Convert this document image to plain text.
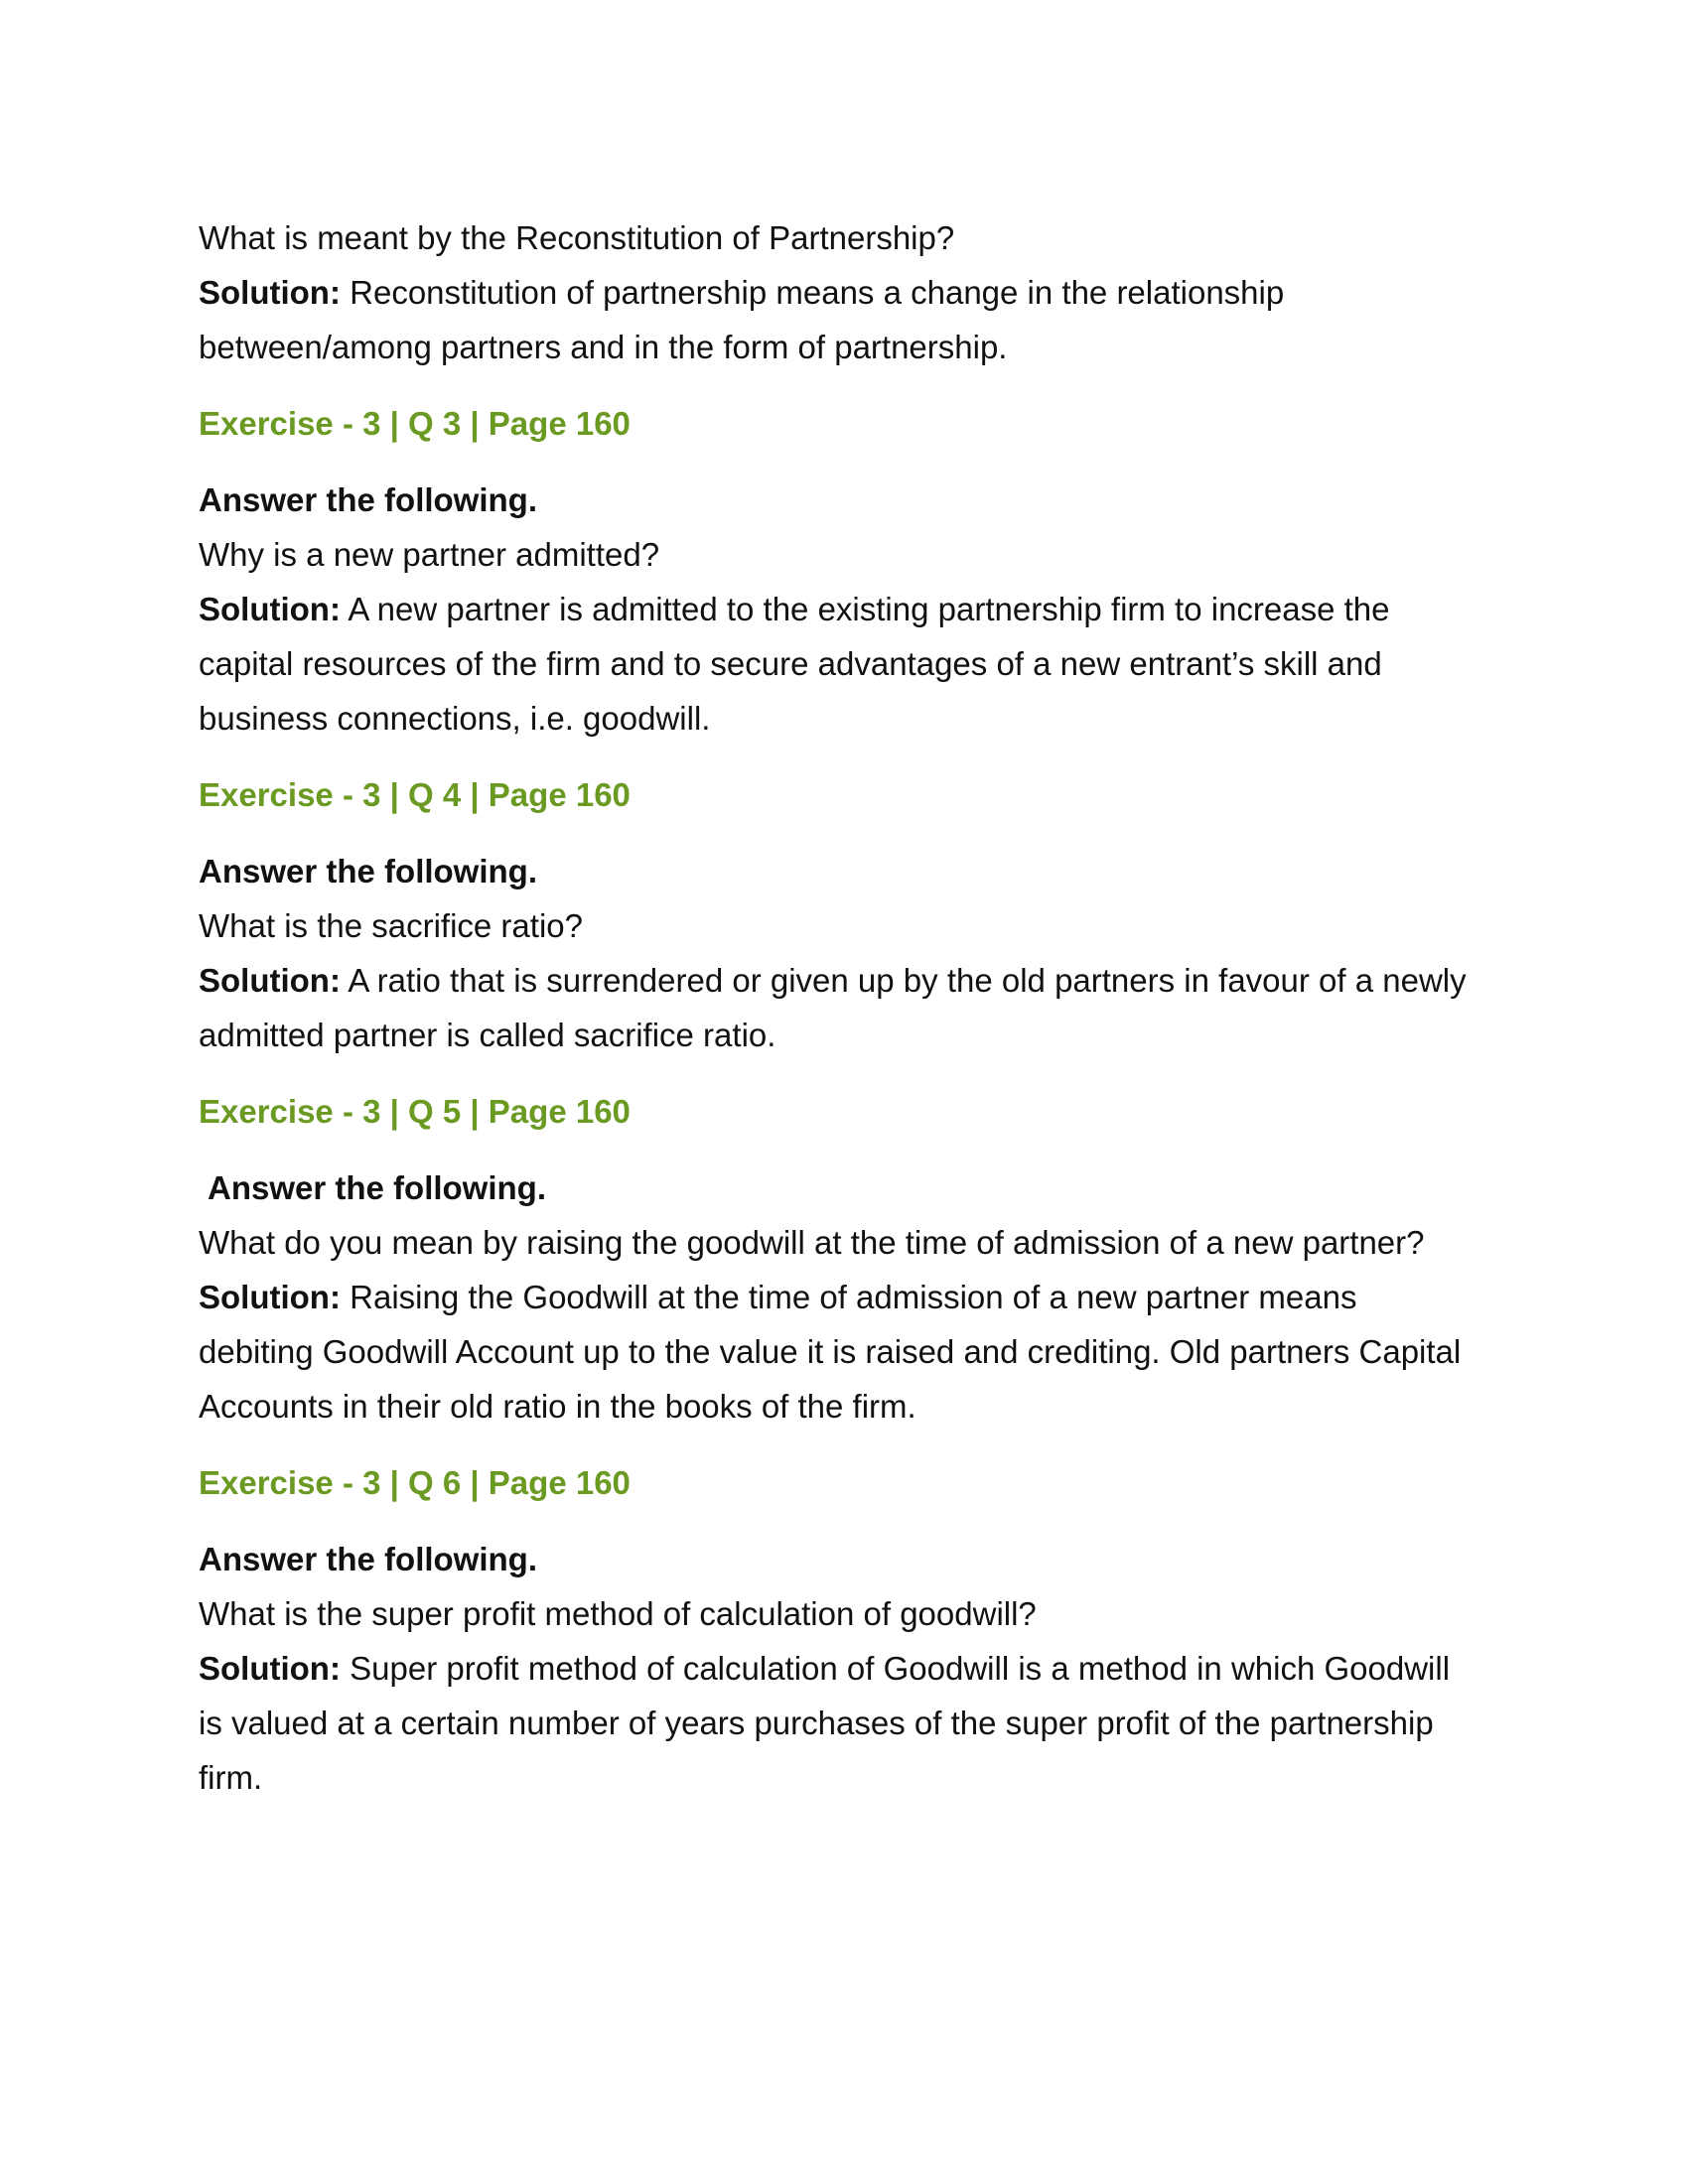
What is meant by the Reconstitution of Partnership?

Solution: Reconstitution of partnership means a change in the relationship

between/among partners and in the form of partnership.

Exercise - 3 | Q 3 | Page 160

Answer the following.

Why is a new partner admitted?

Solution: A new partner is admitted to the existing partnership firm to increase the

capital resources of the firm and to secure advantages of a new entrant’s skill and

business connections, i.e. goodwill.

Exercise - 3 | Q 4 | Page 160

Answer the following.

What is the sacrifice ratio?

Solution: A ratio that is surrendered or given up by the old partners in favour of a newly

admitted partner is called sacrifice ratio.

Exercise - 3 | Q 5 | Page 160

Answer the following.

What do you mean by raising the goodwill at the time of admission of a new partner?

Solution: Raising the Goodwill at the time of admission of a new partner means

debiting Goodwill Account up to the value it is raised and crediting. Old partners Capital

Accounts in their old ratio in the books of the firm.

Exercise - 3 | Q 6 | Page 160

Answer the following.

What is the super profit method of calculation of goodwill?

Solution: Super profit method of calculation of Goodwill is a method in which Goodwill

is valued at a certain number of years purchases of the super profit of the partnership

firm.
